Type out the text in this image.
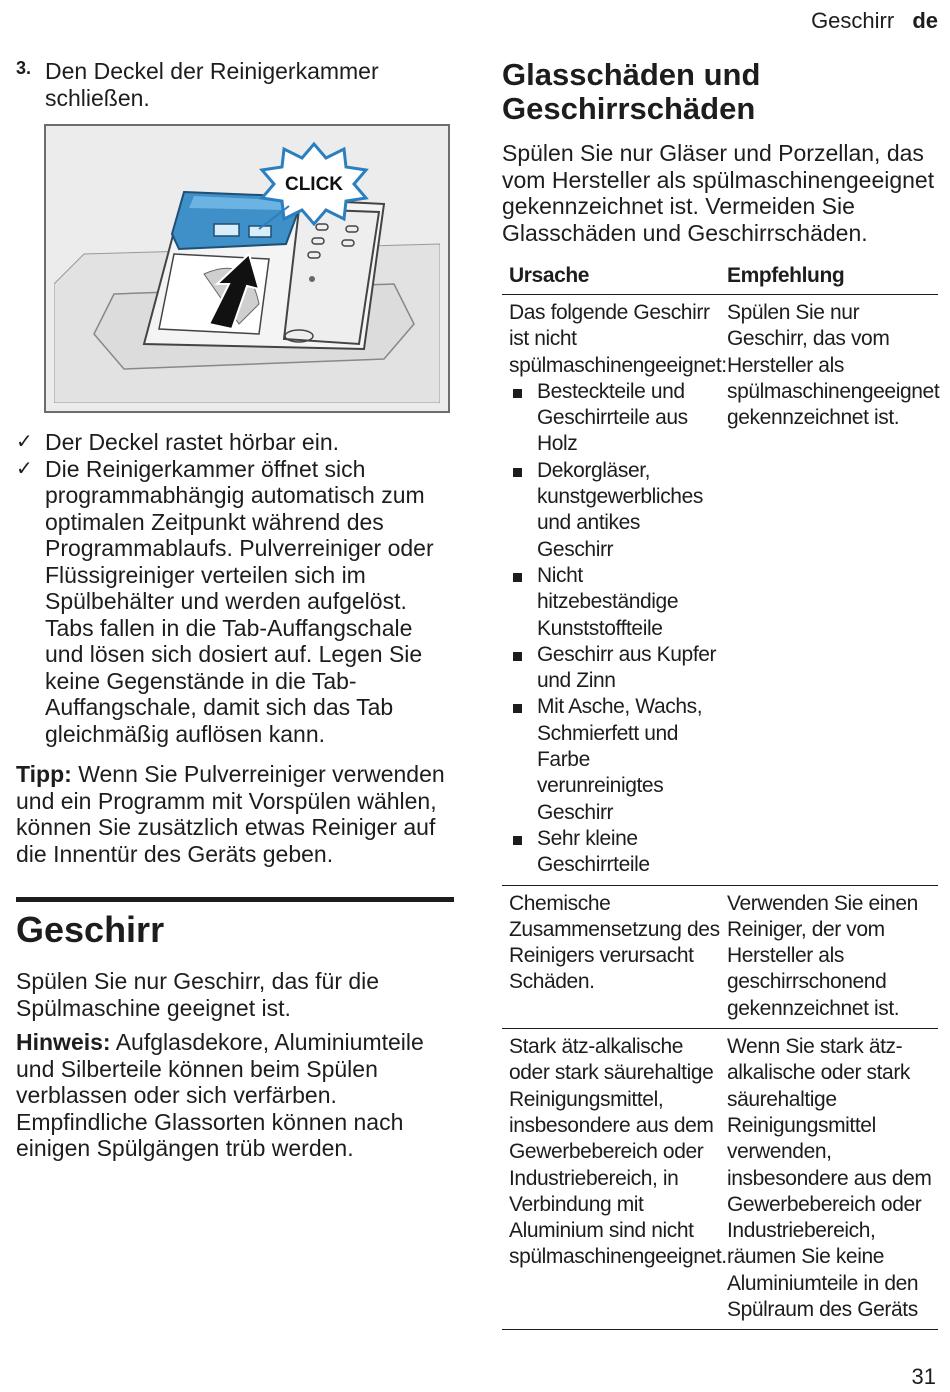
Geschirr de
3. Den Deckel der Reinigerkammer schließen.

CLICK
✓ Der Deckel rastet hörbar ein.

✓ Die Reinigerkammer öffnet sich programmabhängig automatisch zum optimalen Zeitpunkt während des Programmablaufs. Pulverreiniger oder Flüssigreiniger verteilen sich im Spülbehälter und werden aufgelöst. Tabs fallen in die Tab-Auffangschale und lösen sich dosiert auf. Legen Sie keine Gegenstände in die Tab-Auffangschale, damit sich das Tab gleichmäßig auflösen kann.

Tipp: Wenn Sie Pulverreiniger verwenden und ein Programm mit Vorspülen wählen, können Sie zusätzlich etwas Reiniger auf die Innentür des Geräts geben.

Geschirr

Spülen Sie nur Geschirr, das für die Spülmaschine geeignet ist.

Hinweis: Aufglasdekore, Aluminiumteile und Silberteile können beim Spülen verblassen oder sich verfärben. Empfindliche Glassorten können nach einigen Spülgängen trüb werden.

Glasschäden und Geschirrschäden

Spülen Sie nur Gläser und Porzellan, das vom Hersteller als spülmaschinengeeignet gekennzeichnet ist. Vermeiden Sie Glasschäden und Geschirrschäden.

Ursache	Empfehlung
Das folgende Geschirr ist nicht spülmaschinengeeignet:
Besteckteile und Geschirrteile aus Holz
Dekorgläser, kunstgewerbliches und antikes Geschirr
Nicht hitzebeständige Kunststoffteile
Geschirr aus Kupfer und Zinn
Mit Asche, Wachs, Schmierfett und Farbe verunreinigtes Geschirr
Sehr kleine Geschirrteile
Spülen Sie nur Geschirr, das vom Hersteller als spülmaschinengeeignet gekennzeichnet ist.
Chemische Zusammensetzung des Reinigers verursacht Schäden.
Verwenden Sie einen Reiniger, der vom Hersteller als geschirrschonend gekennzeichnet ist.
Stark ätz-alkalische oder stark säurehaltige Reinigungsmittel, insbesondere aus dem Gewerbebereich oder Industriebereich, in Verbindung mit Aluminium sind nicht spülmaschinengeeignet.
Wenn Sie stark ätz-alkalische oder stark säurehaltige Reinigungsmittel verwenden, insbesondere aus dem Gewerbebereich oder Industriebereich, räumen Sie keine Aluminiumteile in den Spülraum des Geräts
31
